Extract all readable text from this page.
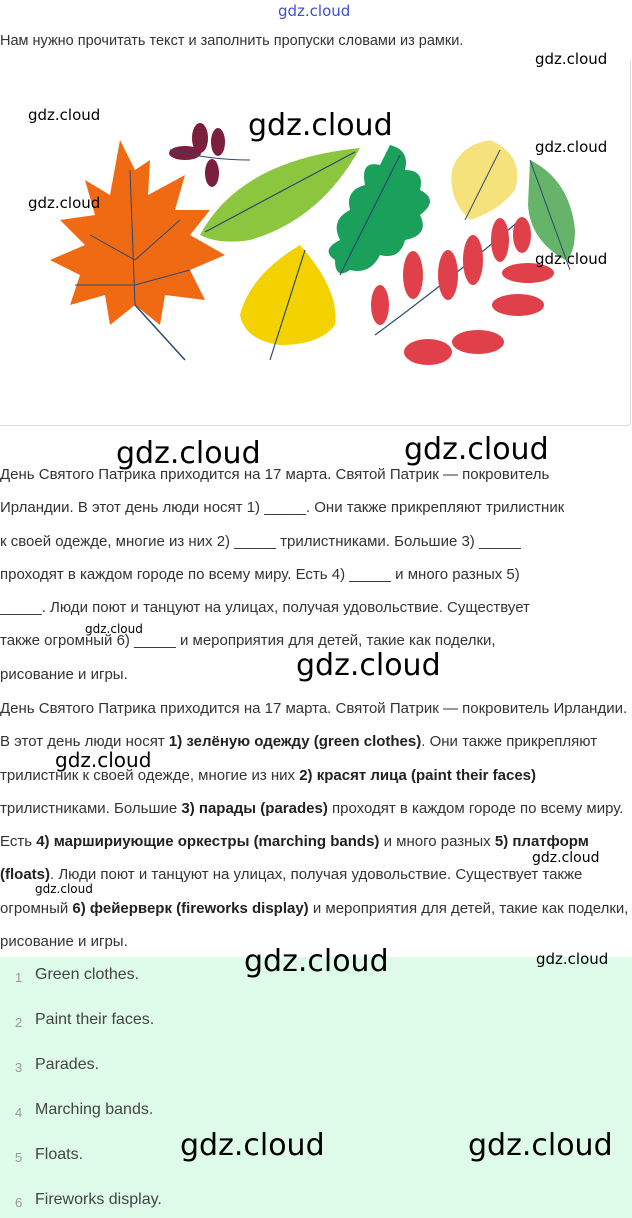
gdz.cloud
Нам нужно прочитать текст и заполнить пропуски словами из рамки.
gdz.cloud
gdz.cloud	gdz.cloud
gdz.cloud
gdz.cloud
gdz.cloud
gdz.cloud	gdz.cloud
День Святого Патрика приходится на 17 марта. Святой Патрик — покровитель
Ирландии. В этот день люди носят 1) _____. Они также прикрепляют трилистник
к своей одежде, многие из них 2) _____ трилистниками. Большие 3) _____
проходят в каждом городе по всему миру. Есть 4) _____ и много разных 5)
_____. Люди поют и танцуют на улицах, получая удовольствие. Существует
также огромный 6) _____ и мероприятия для детей, такие как поделки,
рисование и игры.
gdz.cloud
gdz.cloud

День Святого Патрика приходится на 17 марта. Святой Патрик — покровитель Ирландии. В этот день люди носят 1) зелёную одежду (green clothes). Они также прикрепляют трилистник к своей одежде, многие из них 2) красят лица (paint their faces) трилистниками. Большие 3) парады (parades) проходят в каждом городе по всему миру. Есть 4) маршириующие оркестры (marching bands) и много разных 5) платформ (floats). Люди поют и танцуют на улицах, получая удовольствие. Существует также огромный 6) фейерверк (fireworks display) и мероприятия для детей, такие как поделки, рисование и игры.

gdz.cloud
gdz.cloud
gdz.cloud
1 Green clothes.
2 Paint their faces.
3 Parades.
4 Marching bands.
5 Floats.
6 Fireworks display.
gdz.cloud	gdz.cloud
gdz.cloud	gdz.cloud
